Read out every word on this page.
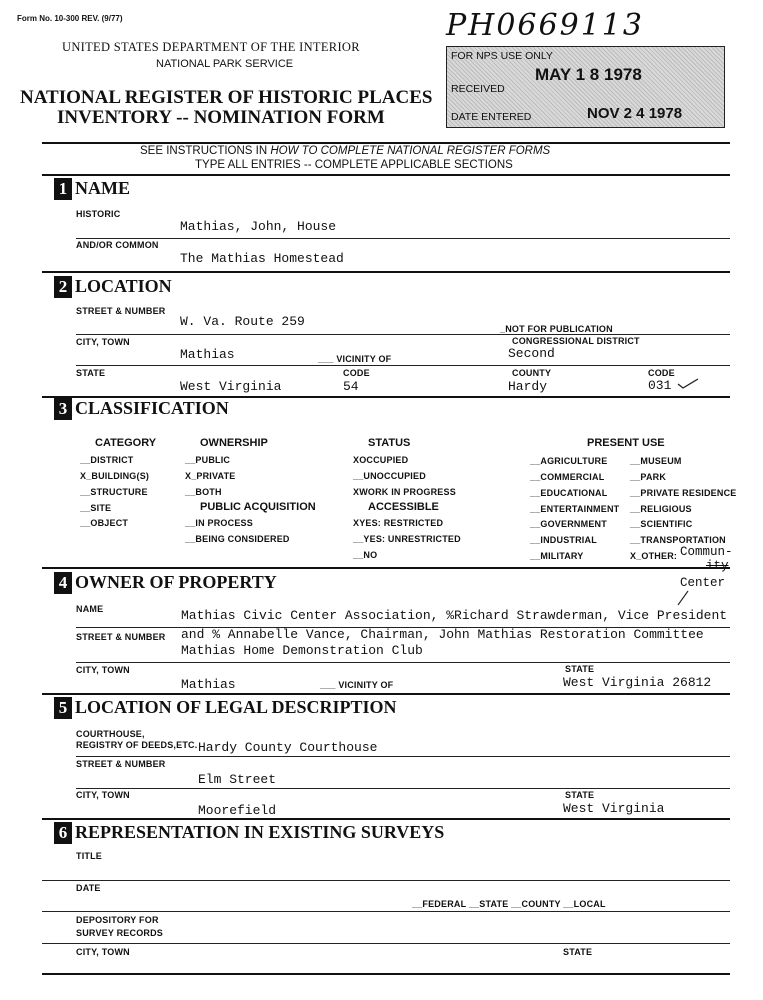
Form No. 10-300 REV. (9/77)
UNITED STATES DEPARTMENT OF THE INTERIOR
NATIONAL PARK SERVICE
NATIONAL REGISTER OF HISTORIC PLACES
INVENTORY -- NOMINATION FORM
PH0669113
FOR NPS USE ONLY
RECEIVED
MAY 1 8 1978
DATE ENTERED	NOV 2 4 1978
SEE INSTRUCTIONS IN HOW TO COMPLETE NATIONAL REGISTER FORMS
TYPE ALL ENTRIES -- COMPLETE APPLICABLE SECTIONS
1 NAME
HISTORIC
Mathias, John, House
AND/OR COMMON
The Mathias Homestead
2 LOCATION
STREET & NUMBER
W. Va. Route 259	_NOT FOR PUBLICATION
CITY, TOWN	CONGRESSIONAL DISTRICT
Mathias	___ VICINITY OF	Second
STATE	CODE	COUNTY	CODE
West Virginia	54	Hardy	031
3 CLASSIFICATION
CATEGORY
__DISTRICT
X_BUILDING(S)
__STRUCTURE
__SITE
__OBJECT
OWNERSHIP
__PUBLIC
X_PRIVATE
__BOTH
PUBLIC ACQUISITION
__IN PROCESS
__BEING CONSIDERED
STATUS
XOCCUPIED
__UNOCCUPIED
XWORK IN PROGRESS
ACCESSIBLE
XYES: RESTRICTED
__YES: UNRESTRICTED
__NO
PRESENT USE
__AGRICULTURE
__COMMERCIAL
__EDUCATIONAL
__ENTERTAINMENT
__GOVERNMENT
__INDUSTRIAL
__MILITARY
__MUSEUM
__PARK
__PRIVATE RESIDENCE
__RELIGIOUS
__SCIENTIFIC
__TRANSPORTATION
X_OTHER: Commun-
ity
Center
4 OWNER OF PROPERTY
NAME	Mathias Civic Center Association, %Richard Strawderman, Vice President
STREET & NUMBER and % Annabelle Vance, Chairman, John Mathias Restoration Committee
Mathias Home Demonstration Club
CITY, TOWN	STATE
Mathias	___ VICINITY OF	West Virginia 26812
5 LOCATION OF LEGAL DESCRIPTION
COURTHOUSE,
REGISTRY OF DEEDS,ETC. Hardy County Courthouse
STREET & NUMBER
Elm Street
CITY, TOWN	STATE
Moorefield	West Virginia
6 REPRESENTATION IN EXISTING SURVEYS
TITLE
DATE
__FEDERAL __STATE __COUNTY __LOCAL
DEPOSITORY FOR
SURVEY RECORDS
CITY, TOWN	STATE
